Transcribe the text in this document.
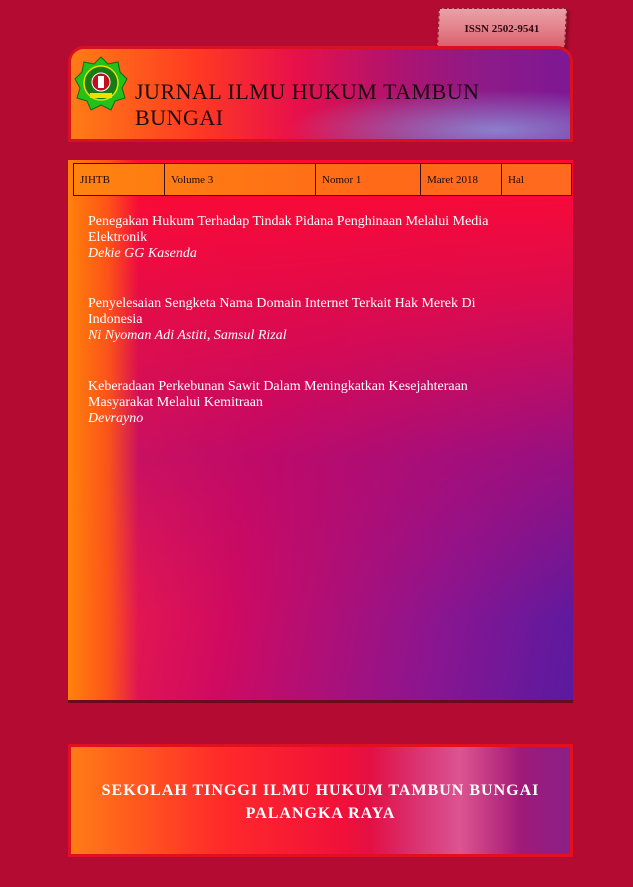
ISSN 2502-9541
JURNAL ILMU HUKUM TAMBUN BUNGAI
JIHTB	Volume 3	Nomor 1	Maret 2018	Hal
Penegakan Hukum Terhadap Tindak Pidana Penghinaan Melalui Media
Elektronik
Dekie GG Kasenda
Penyelesaian Sengketa Nama Domain Internet Terkait Hak Merek Di
Indonesia
Ni Nyoman Adi Astiti, Samsul Rizal
Keberadaan Perkebunan Sawit Dalam Meningkatkan Kesejahteraan
Masyarakat Melalui Kemitraan
Devrayno
SEKOLAH TINGGI ILMU HUKUM TAMBUN BUNGAI
PALANGKA RAYA
